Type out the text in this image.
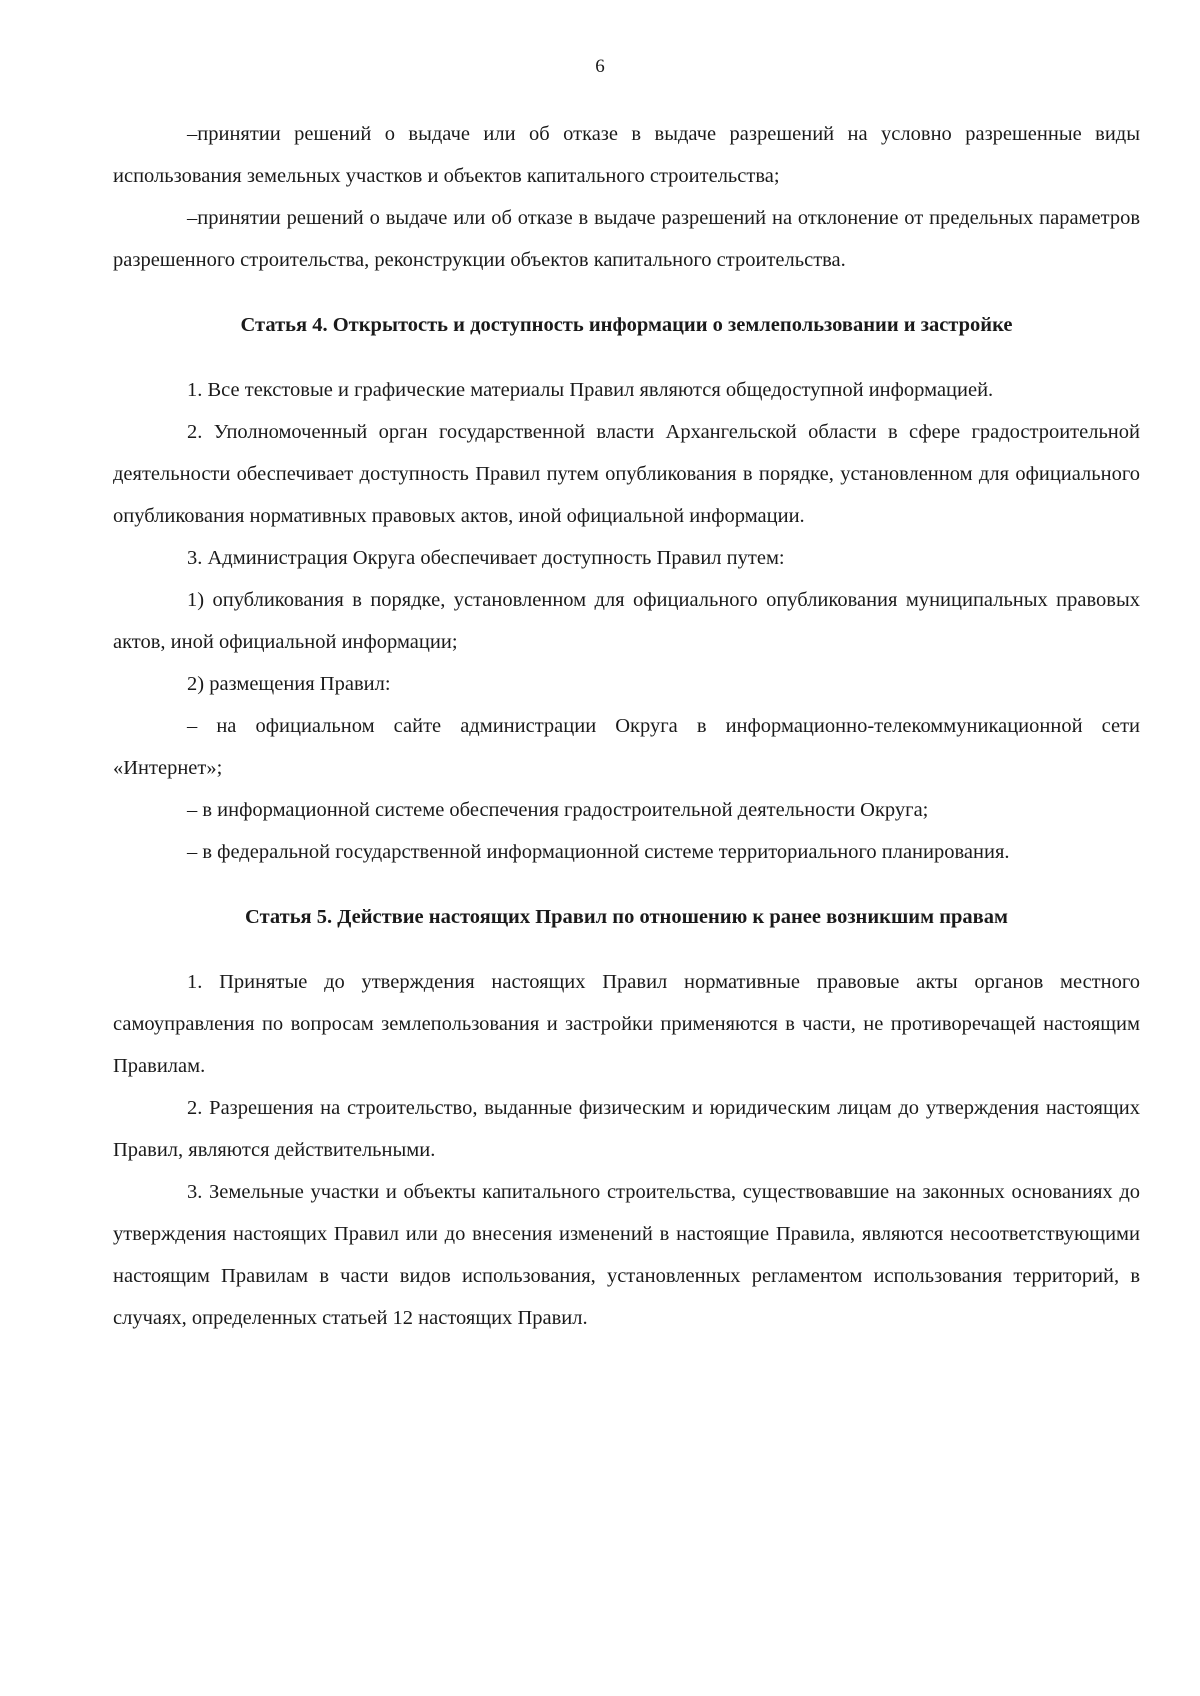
6

–принятии решений о выдаче или об отказе в выдаче разрешений на условно разрешенные виды использования земельных участков и объектов капитального строительства;

–принятии решений о выдаче или об отказе в выдаче разрешений на отклонение от предельных параметров разрешенного строительства, реконструкции объектов капитального строительства.

Статья 4. Открытость и доступность информации о землепользовании и застройке

1. Все текстовые и графические материалы Правил являются общедоступной информацией.

2. Уполномоченный орган государственной власти Архангельской области в сфере градостроительной деятельности обеспечивает доступность Правил путем опубликования в порядке, установленном для официального опубликования нормативных правовых актов, иной официальной информации.

3. Администрация Округа обеспечивает доступность Правил путем:

1) опубликования в порядке, установленном для официального опубликования муниципальных правовых актов, иной официальной информации;

2) размещения Правил:

– на официальном сайте администрации Округа в информационно-телекоммуникационной сети «Интернет»;

– в информационной системе обеспечения градостроительной деятельности Округа;

– в федеральной государственной информационной системе территориального планирования.

Статья 5. Действие настоящих Правил по отношению к ранее возникшим правам

1. Принятые до утверждения настоящих Правил нормативные правовые акты органов местного самоуправления по вопросам землепользования и застройки применяются в части, не противоречащей настоящим Правилам.

2. Разрешения на строительство, выданные физическим и юридическим лицам до утверждения настоящих Правил, являются действительными.

3. Земельные участки и объекты капитального строительства, существовавшие на законных основаниях до утверждения настоящих Правил или до внесения изменений в настоящие Правила, являются несоответствующими настоящим Правилам в части видов использования, установленных регламентом использования территорий, в случаях, определенных статьей 12 настоящих Правил.
